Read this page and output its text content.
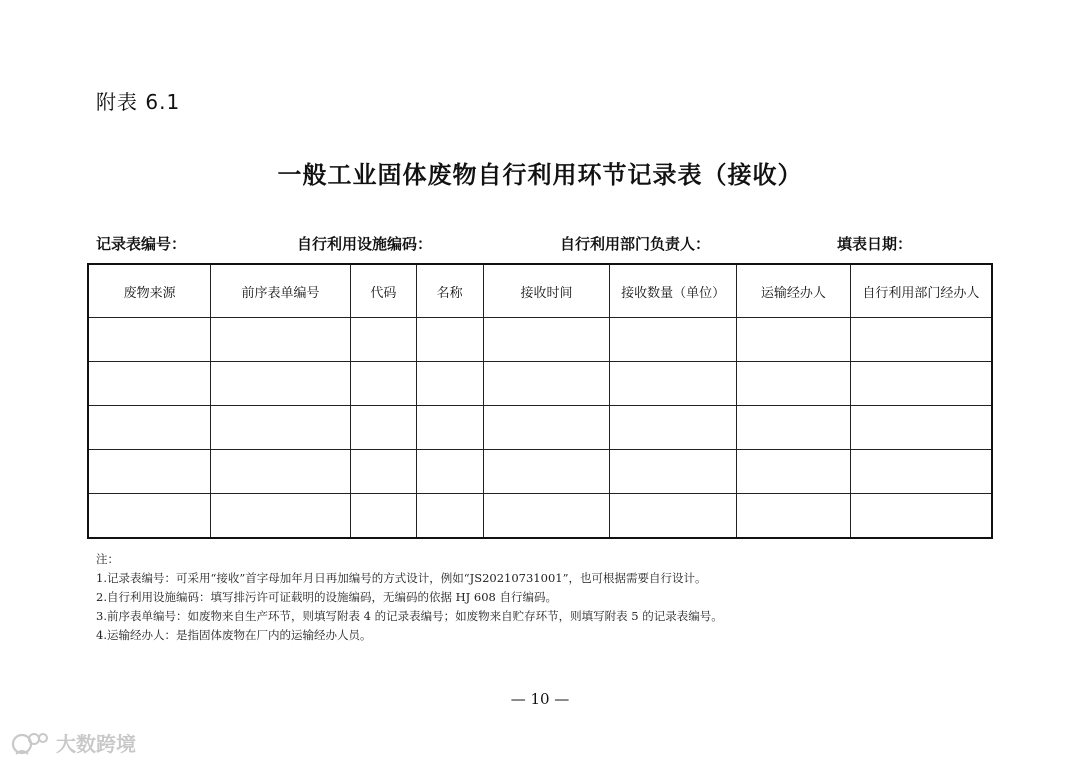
附表 6.1
一般工业固体废物自行利用环节记录表（接收）
记录表编号：	自行利用设施编码：	自行利用部门负责人：	填表日期：
废物来源	前序表单编号	代码	名称	接收时间	接收数量（单位）	运输经办人	自行利用部门经办人

注：
1.记录表编号：可采用“接收”首字母加年月日再加编号的方式设计，例如“JS20210731001”，也可根据需要自行设计。
2.自行利用设施编码：填写排污许可证载明的设施编码，无编码的依据 HJ 608 自行编码。
3.前序表单编号：如废物来自生产环节，则填写附表 4 的记录表编号；如废物来自贮存环节，则填写附表 5 的记录表编号。
4.运输经办人：是指固体废物在厂内的运输经办人员。
— 10 —
大数跨境
